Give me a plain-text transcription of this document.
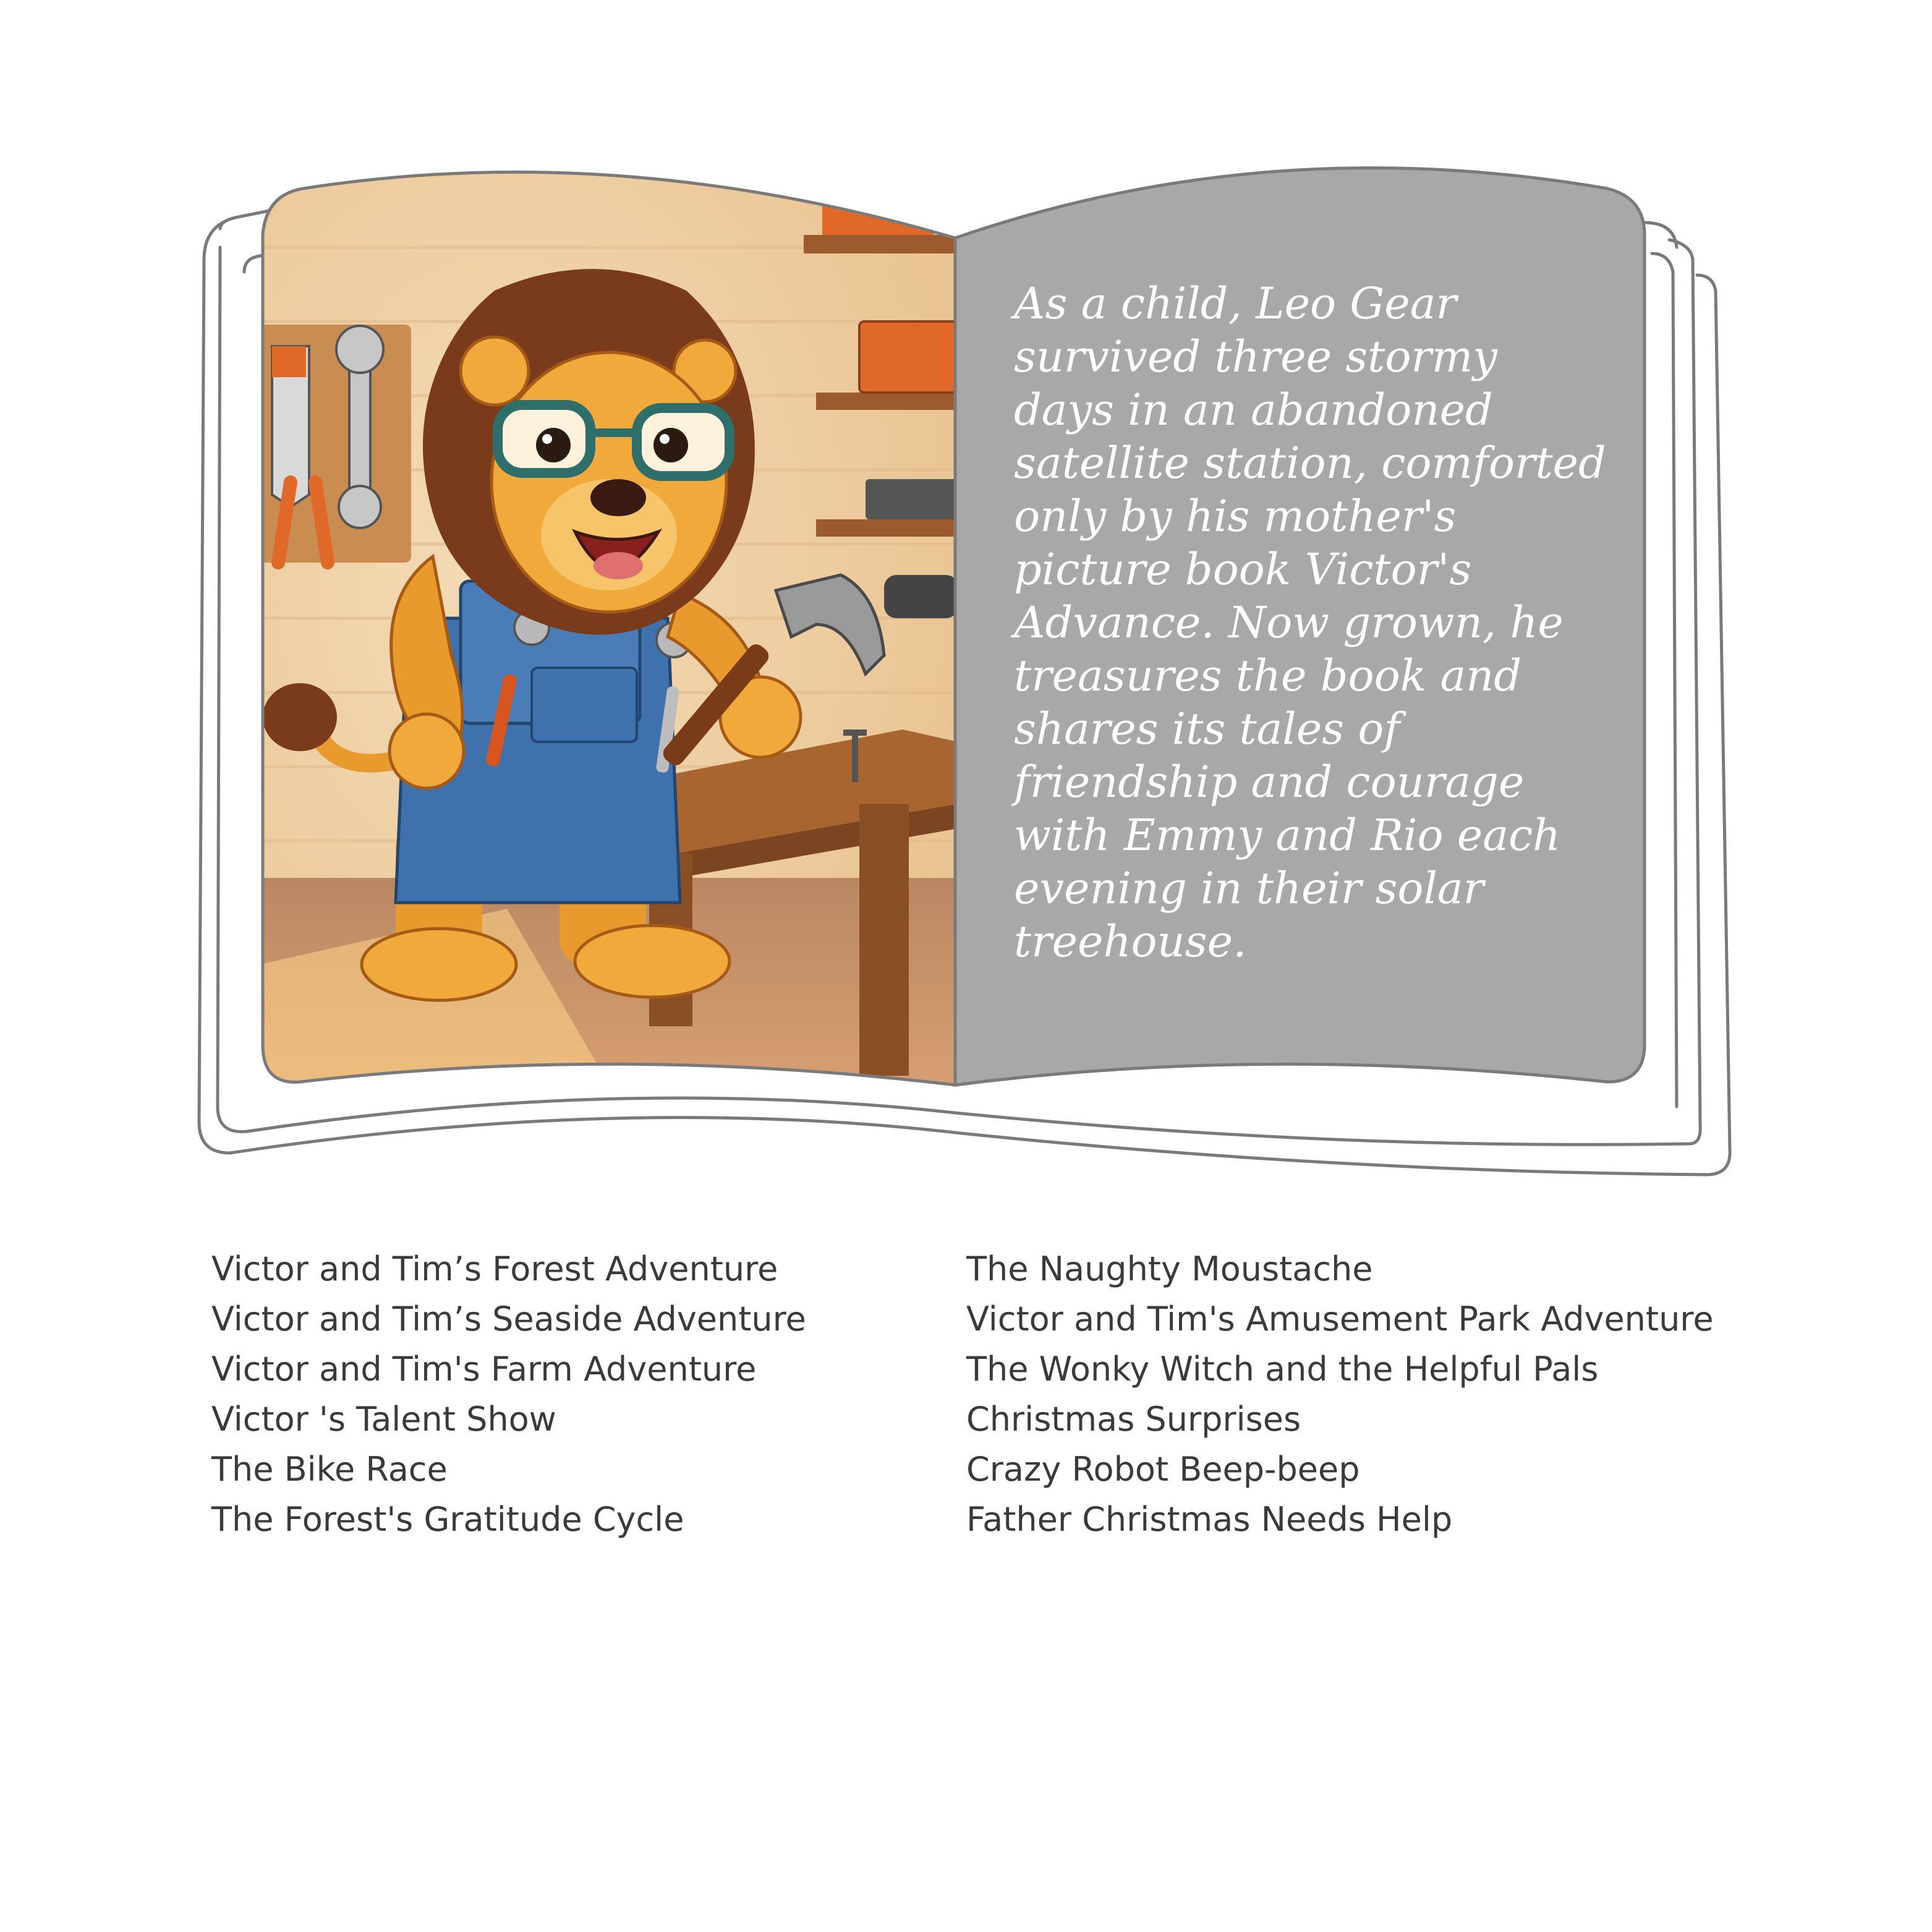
As a child, Leo Gear
survived three stormy
days in an abandoned
satellite station, comforted
only by his mother's
picture book Victor's
Advance. Now grown, he
treasures the book and
shares its tales of
friendship and courage
with Emmy and Rio each
evening in their solar
treehouse.

Victor and Tim’s Forest Adventure
Victor and Tim’s Seaside Adventure
Victor and Tim's Farm Adventure
Victor 's Talent Show
The Bike Race
The Forest's Gratitude Cycle
The Naughty Moustache
Victor and Tim's Amusement Park Adventure
The Wonky Witch and the Helpful Pals
Christmas Surprises
Crazy Robot Beep-beep
Father Christmas Needs Help
